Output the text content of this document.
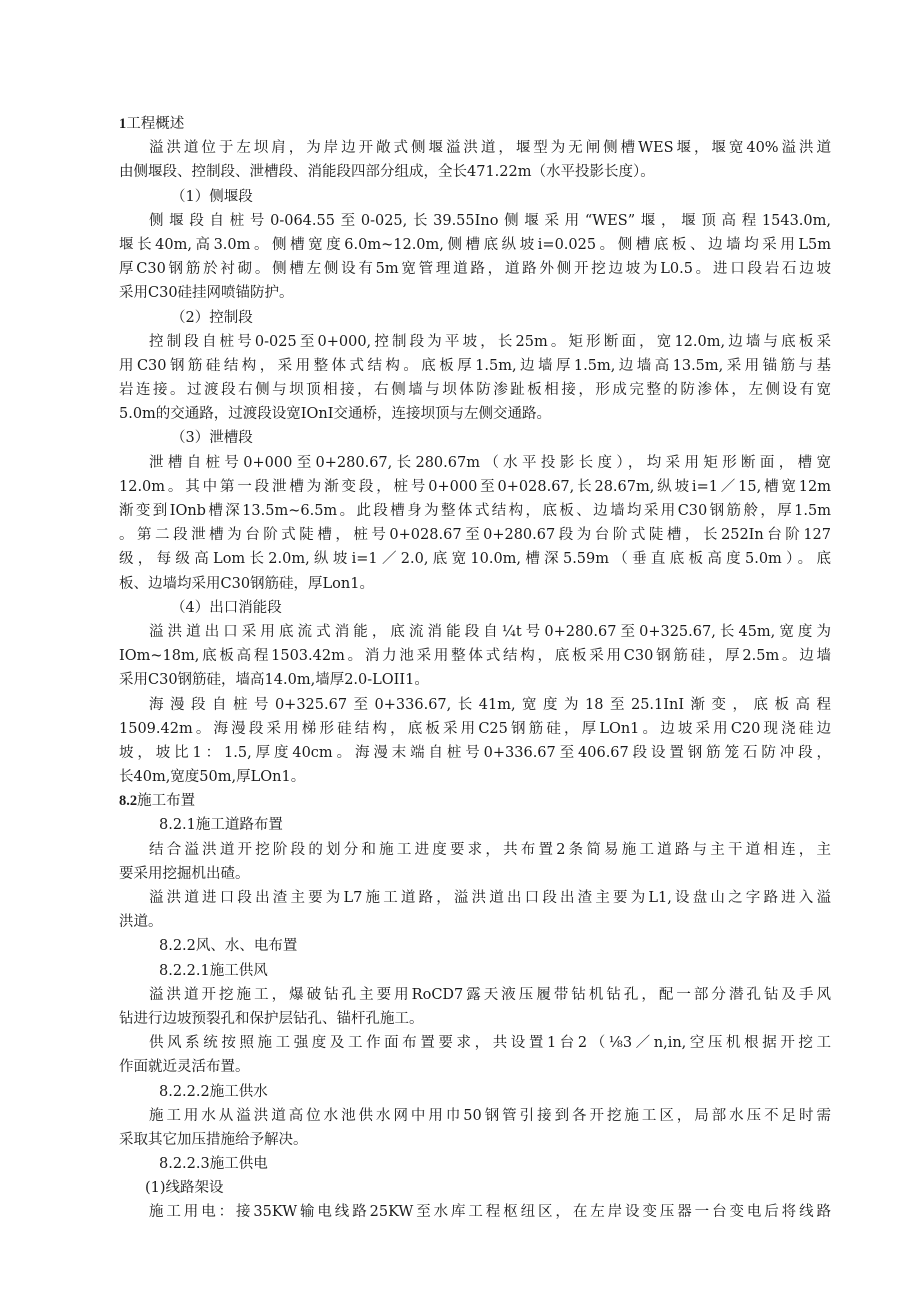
1工程概述
溢洪道位于左坝肩，为岸边开敞式侧堰溢洪道，堰型为无闸侧槽WES堰，堰宽40%溢洪道
由侧堰段、控制段、泄槽段、消能段四部分组成，全长471.22m（水平投影长度）。
（1）侧堰段
侧堰段自桩号0-064.55至0-025,长39.55Ino侧堰采用“WES”堰，堰顶高程1543.0m,
堰长40m,高3.0m。侧槽宽度6.0m~12.0m,侧槽底纵坡i=0.025。侧槽底板、边墙均采用L5m
厚C30钢筋於衬砌。侧槽左侧设有5m宽管理道路，道路外侧开挖边坡为L0.5。进口段岩石边坡
采用C30硅挂网喷锚防护。
（2）控制段
控制段自桩号0-025至0+000,控制段为平坡，长25m。矩形断面，宽12.0m,边墙与底板采
用C30钢筋硅结构，采用整体式结构。底板厚1.5m,边墙厚1.5m,边墙高13.5m,采用锚筋与基
岩连接。过渡段右侧与坝顶相接，右侧墙与坝体防渗趾板相接，形成完整的防渗体，左侧设有宽
5.0m的交通路，过渡段设宽IOnI交通桥，连接坝顶与左侧交通路。
（3）泄槽段
泄槽自桩号0+000至0+280.67,长280.67m（水平投影长度），均采用矩形断面，槽宽
12.0m。其中第一段泄槽为渐变段，桩号0+000至0+028.67,长28.67m,纵坡i=1／15,槽宽12m
渐变到IOnb槽深13.5m~6.5m。此段槽身为整体式结构，底板、边墙均采用C30钢筋舲，厚1.5m
。第二段泄槽为台阶式陡槽，桩号0+028.67至0+280.67段为台阶式陡槽，长252In台阶127
级，每级高Lom长2.0m,纵坡i=1／2.0,底宽10.0m,槽深5.59m（垂直底板高度5.0m）。底
板、边墙均采用C30钢筋硅，厚Lon1。
（4）出口消能段
溢洪道出口采用底流式消能，底流消能段自¼t号0+280.67至0+325.67,长45m,宽度为
IOm~18m,底板高程1503.42m。消力池采用整体式结构，底板采用C30钢筋硅，厚2.5m。边墙
采用C30钢筋硅，墙高14.0m,墙厚2.0-LOII1。
海漫段自桩号0+325.67至0+336.67,长41m,宽度为18至25.1InI渐变，底板高程
1509.42m。海漫段采用梯形硅结构，底板采用C25钢筋硅，厚LOn1。边坡采用C20现浇硅边
坡，坡比1：1.5,厚度40cm。海漫末端自桩号0+336.67至406.67段设置钢筋笼石防冲段，
长40m,宽度50m,厚LOn1。
8.2施工布置
8.2.1施工道路布置
结合溢洪道开挖阶段的划分和施工进度要求，共布置2条简易施工道路与主干道相连，主
要采用挖掘机出碴。
溢洪道进口段出渣主要为L7施工道路，溢洪道出口段出渣主要为L1,设盘山之字路进入溢
洪道。
8.2.2风、水、电布置
8.2.2.1施工供风
溢洪道开挖施工，爆破钻孔主要用RoCD7露天液压履带钻机钻孔，配一部分潜孔钻及手风
钻进行边坡预裂孔和保护层钻孔、锚杆孔施工。
供风系统按照施工强度及工作面布置要求，共设置1台2（⅛3／n,in,空压机根据开挖工
作面就近灵活布置。
8.2.2.2施工供水
施工用水从溢洪道高位水池供水网中用巾50钢管引接到各开挖施工区，局部水压不足时需
采取其它加压措施给予解决。
8.2.2.3施工供电
(1)线路架设
施工用电：接35KW输电线路25KW至水库工程枢纽区，在左岸设变压器一台变电后将线路
